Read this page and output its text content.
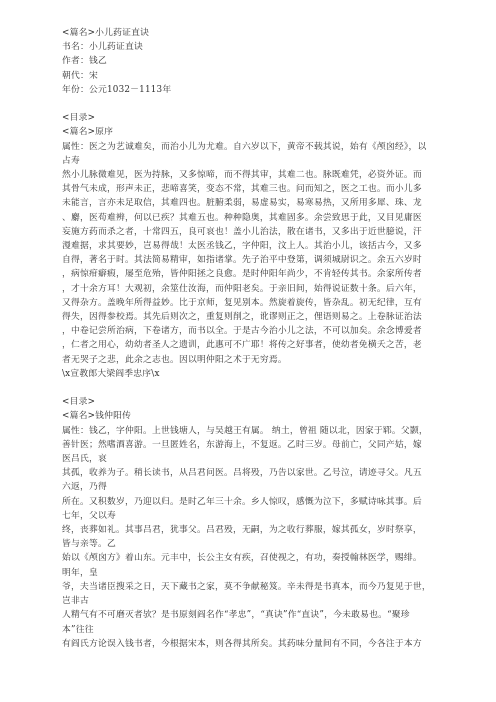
<篇名>小儿药证直诀
书名：小儿药证直诀
作者：钱乙
朝代：宋
年份：公元1032－1113年
<目录>
<篇名>原序
属性：医之为艺诚难矣，而治小儿为尤难。自六岁以下，黄帝不载其说，始有《颅囟经》，以
占寿
然小儿脉微难见，医为持脉，又多惊啼，而不得其审，其难二也。脉既难凭，必资外证。而
其骨气未成，形声未正，悲啼喜笑，变态不常，其难三也。问而知之，医之工也。而小儿多
未能言，言亦未足取信，其难四也。脏腑柔弱，易虚易实，易寒易热，又所用多犀、珠、龙
、麝，医苟难辨，何以已疾？其难五也。种种隐奥，其难固多。余尝致思于此，又目见庸医
妄施方药而杀之者，十常四五，良可哀也！盖小儿治法，散在诸书，又多出于近世臆说，汗
漫难据，求其要妙，岂易得哉！太医丞钱乙，字仲阳，汶上人。其治小儿，该括古今，又多
自得，著名于时。其法简易精审，如指诸掌。先子治平中登第，调须城尉识之。余五六岁时
，病惊疳癖瘕，屡至危殆，皆仲阳拯之良愈。是时仲阳年尚少，不肯轻传其书。余家所传者
，才十余方耳！大观初，余筮仕汝海，而仲阳老矣。于亲旧间，始得说证数十条。后六年，
又得杂方。盖晚年所得益妙。比于京师，复见别本。然旋着旋传，皆杂乱。初无纪律，互有
得失，因得参校焉。其先后则次之，重复则削之，讹谬则正之，俚语则易之。上卷脉证治法
，中卷记尝所治病，下卷诸方，而书以全。于是古今治小儿之法，不可以加矣。余念博爱者
，仁者之用心，幼幼者圣人之遗训，此惠可不广耶！将传之好事者，使幼者免横夭之苦，老
者无哭子之悲，此余之志也。因以明仲阳之术于无穷焉。
\x宣教郎大梁阎季忠序\x
<目录>
<篇名>钱仲阳传
属性：钱乙，字仲阳。上世钱塘人，与吴越王有属。 纳土，曾祖 随以北，因家于郓。父颢，
善针医；然嗜酒喜游。一旦匿姓名，东游海上，不复返。乙时三岁。母前亡，父同产姑，嫁
医吕氏，哀
其孤，收养为子。稍长读书，从吕君问医。吕将殁，乃告以家世。乙号泣，请迹寻父。凡五
六返，乃得
所在。又积数岁，乃迎以归。是时乙年三十余。乡人惊叹，感慨为泣下，多赋诗咏其事。后
七年，父以寿
终，丧葬如礼。其事吕君，犹事父。吕君殁，无嗣，为之收行葬服，嫁其孤女，岁时祭享，
皆与亲等。乙
始以《颅囟方》着山东。元丰中，长公主女有疾，召使视之，有功，奏授翰林医学，赐绯。
明年，皇
爷，夫当诸臣搜采之日，天下藏书之家，莫不争献秘笈。辛未得是书真本，而今乃复见于世，
岂非古
人精气有不可磨灭者欤？是书原刻阎名作“孝忠”，“真诀”作“直诀”，今未敢易也。“聚珍
本”往往
有阎氏方论误入钱书者，今根据宋本，则各得其所矣。其药味分量间有不同，今各注于本方
